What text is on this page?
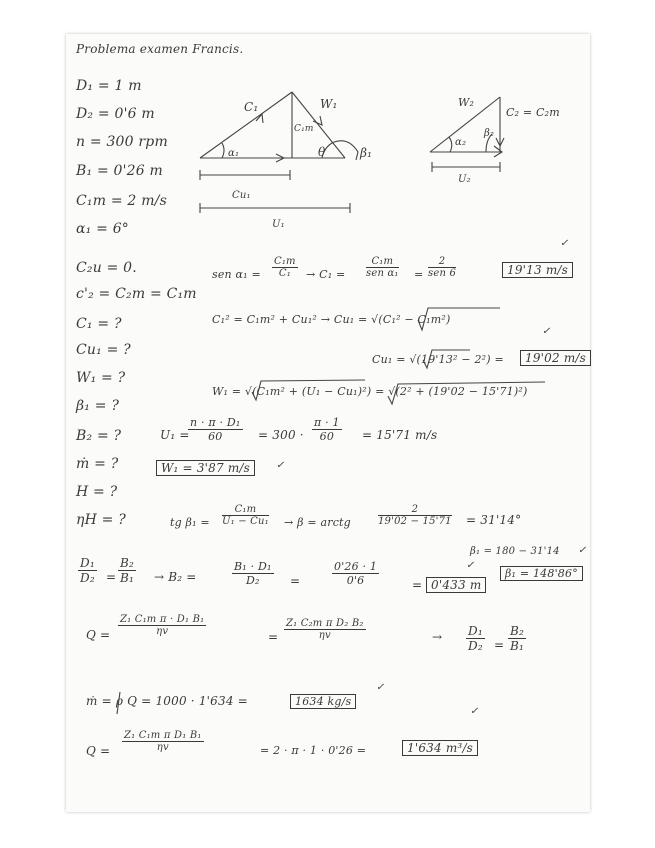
Problema examen Francis.
D₁ = 1 m
D₂ = 0'6 m
n = 300 rpm
B₁ = 0'26 m
C₁m = 2 m/s
α₁ = 6°
C₂u = 0.
c'₂ = C₂m = C₁m
C₁ = ?
Cu₁ = ?
W₁ = ?
β₁ = ?
B₂ = ?
ṁ = ?
H = ?
ηH = ?
C₁	W₁
C₁m
α₁	θ	β₁
Cu₁
U₁
W₂
C₂ = C₂m
α₂
β₂
U₂
✓
sen $\alpha_1 = \frac{\text{C₁m}}{\text{C₁}} \to C_1$ =
C₁m
sen α₁ =
2
sen 6	19'13 m/s
C₁² = C₁m² + Cu₁² → Cu₁ = √(C₁² − C₁m²)
✓
Cu₁ = √(19'13² − 2²) =	19'02 m/s
W₁ = √(C₁m² + (U₁ − Cu₁)²) = √(2² + (19'02 − 15'71)²)
U₁ =
$\frac{\text{n · π · D₁}}{60} = 300 \cdot \frac{\pi \cdot 1}{60} = 15'71$ m/s
W₁ = 3'87 m/s	✓
tg $\beta_1 = \frac{\text{C₁m}}{\text{U₁ − Cu₁}} \to \beta$ = arctg	$\frac{2}{19'02 - 15'71} = 31'14^\circ$
β₁ = 180 − 31'14 ✓
β₁ = 148'86°
$\frac{\text{D₁}}{\text{D₂}} = \frac{\text{B₂}}{\text{B₁}} \to B_2$ =	$\frac{\text{B₁ · D₁}}{\text{D₂}}$ =	$\frac{0'26 \cdot 1}{0'6}$	= 0'433 m
✓
$Q = \frac{\text{Z₁ C₁m π · D₁ B₁}}{\eta v}$	= $\frac{\text{Z₁ C₂m π D₂ B₂}}{\eta v}$	→ $\frac{\text{D₁}}{\text{D₂}} = \frac{\text{B₂}}{\text{B₁}}$
ṁ = ρ Q = 1000 · 1'634 =	1634 kg/s
✓
✓
$Q = \frac{\text{Z₁ C₁m π D₁ B₁}}{\eta v}$	= 2 · π · 1 · 0'26 =	1'634 m³/s
